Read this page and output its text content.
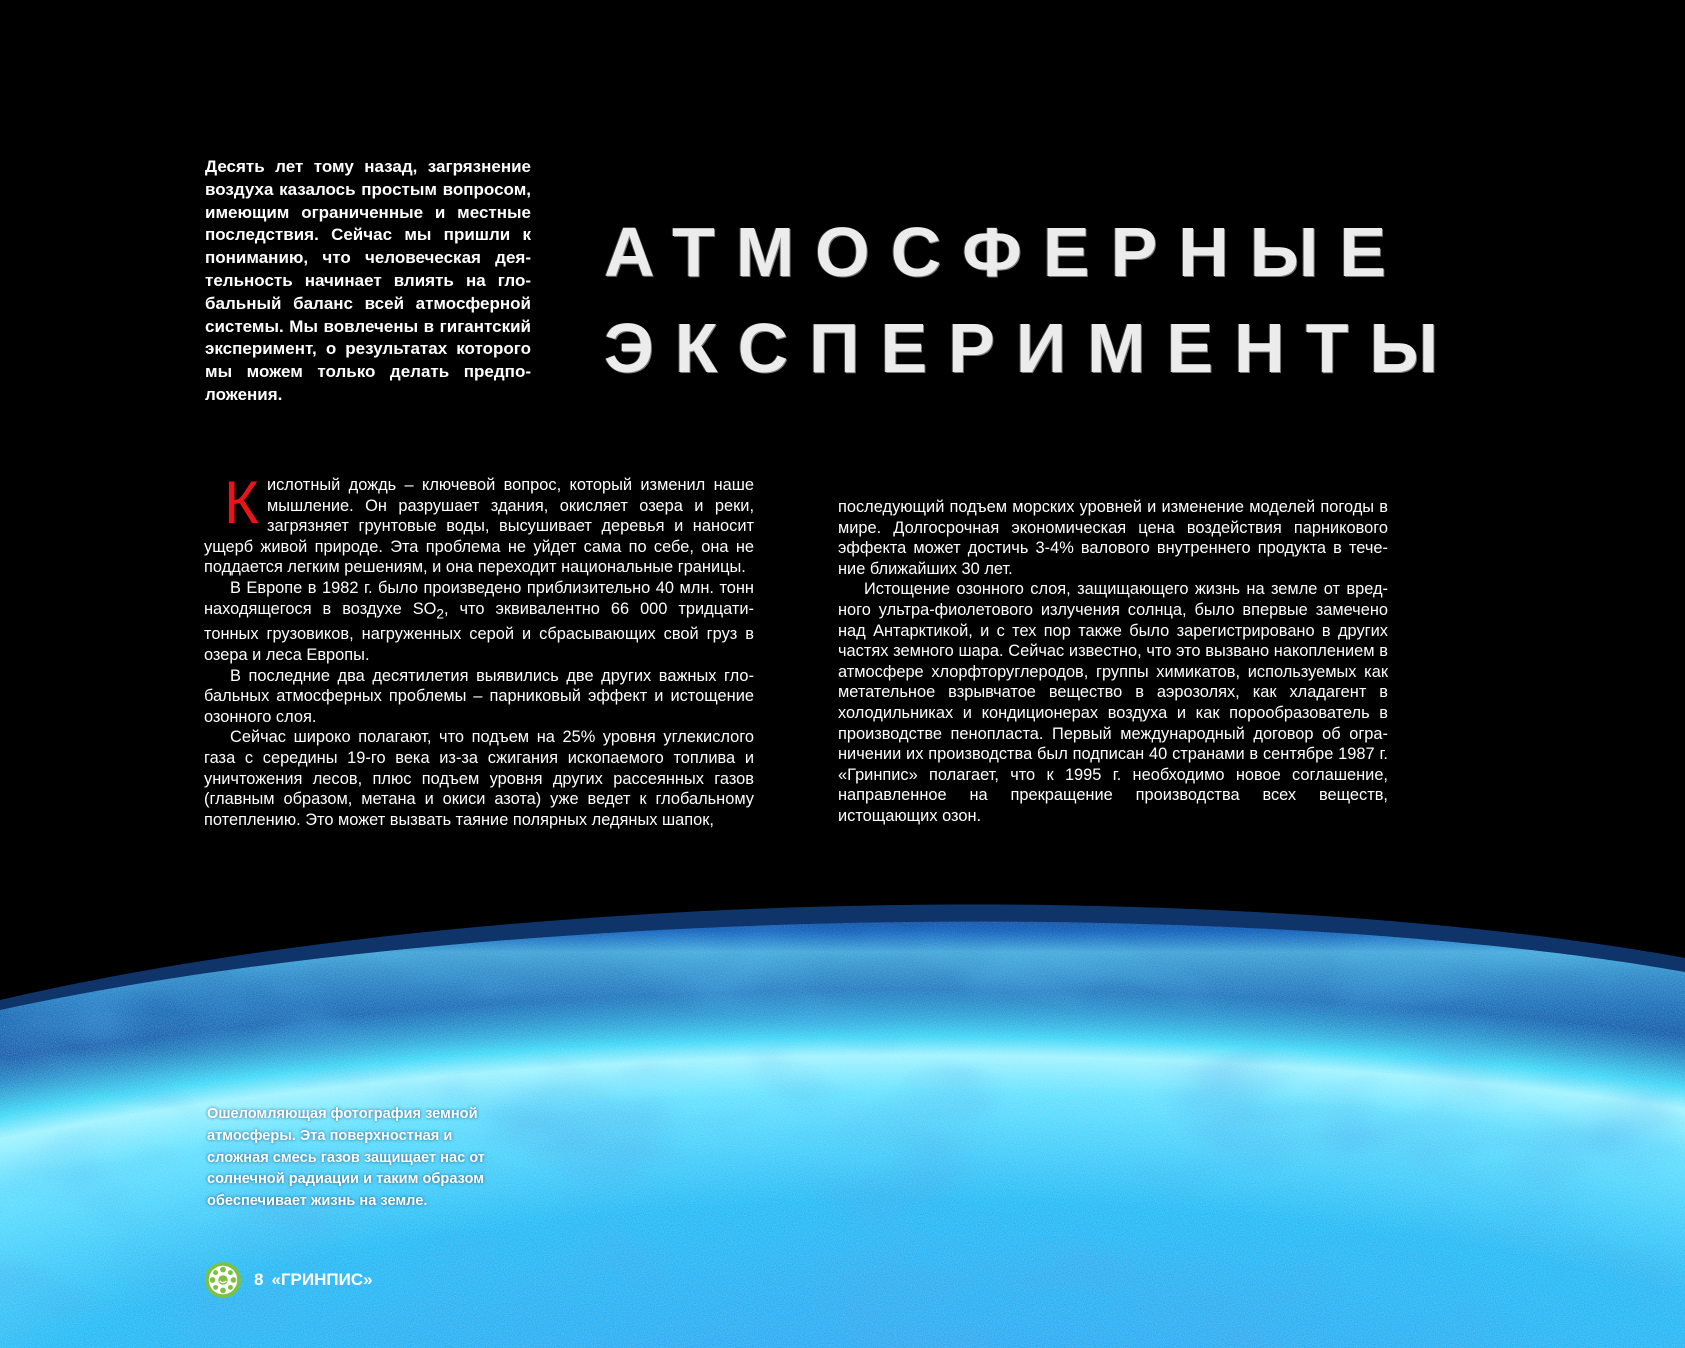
Десять лет тому назад, загрязнение воздуха казалось простым вопросом, имеющим ограниченные и местные последствия. Сейчас мы пришли к пониманию, что человеческая дея-тельность начинает влиять на гло-бальный баланс всей атмосферной системы. Мы вовлечены в гигантский эксперимент, о результатах которого мы можем только делать предпо-ложения.

АТМОСФЕРНЫЕ
ЭКСПЕРИМЕНТЫ

Кислотный дождь – ключевой вопрос, который изменил наше мышление. Он разрушает здания, окисляет озера и реки, загрязняет грунтовые воды, высушивает деревья и наносит ущерб живой природе. Эта проблема не уйдет сама по себе, она не поддается легким решениям, и она переходит национальные границы.

В Европе в 1982 г. было произведено приблизительно 40 млн. тонн находящегося в воздухе $SO_2$, что эквивалентно 66 000 тридцати-тонных грузовиков, нагруженных серой и сбрасывающих свой груз в озера и леса Европы.

В последние два десятилетия выявились две других важных гло-бальных атмосферных проблемы – парниковый эффект и истощение озонного слоя.

Сейчас широко полагают, что подъем на 25% уровня углекислого газа с середины 19-го века из-за сжигания ископаемого топлива и уничтожения лесов, плюс подъем уровня других рассеянных газов (главным образом, метана и окиси азота) уже ведет к глобальному потеплению. Это может вызвать таяние полярных ледяных шапок,

последующий подъем морских уровней и изменение моделей погоды в мире. Долгосрочная экономическая цена воздействия парникового эффекта может достичь 3-4% валового внутреннего продукта в тече-ние ближайших 30 лет.

Истощение озонного слоя, защищающего жизнь на земле от вред-ного ультра-фиолетового излучения солнца, было впервые замечено над Антарктикой, и с тех пор также было зарегистрировано в других частях земного шара. Сейчас известно, что это вызвано накоплением в атмосфере хлорфторуглеродов, группы химикатов, используемых как метательное взрывчатое вещество в аэрозолях, как хладагент в холодильниках и кондиционерах воздуха и как порообразователь в производстве пенопласта. Первый международный договор об огра-ничении их производства был подписан 40 странами в сентябре 1987 г. «Гринпис» полагает, что к 1995 г. необходимо новое соглашение, направленное на прекращение производства всех веществ, истощающих озон.

Ошеломляющая фотография земной атмосферы. Эта поверхностная и сложная смесь газов защищает нас от солнечной радиации и таким образом обеспечивает жизнь на земле.

8 «ГРИНПИС»
